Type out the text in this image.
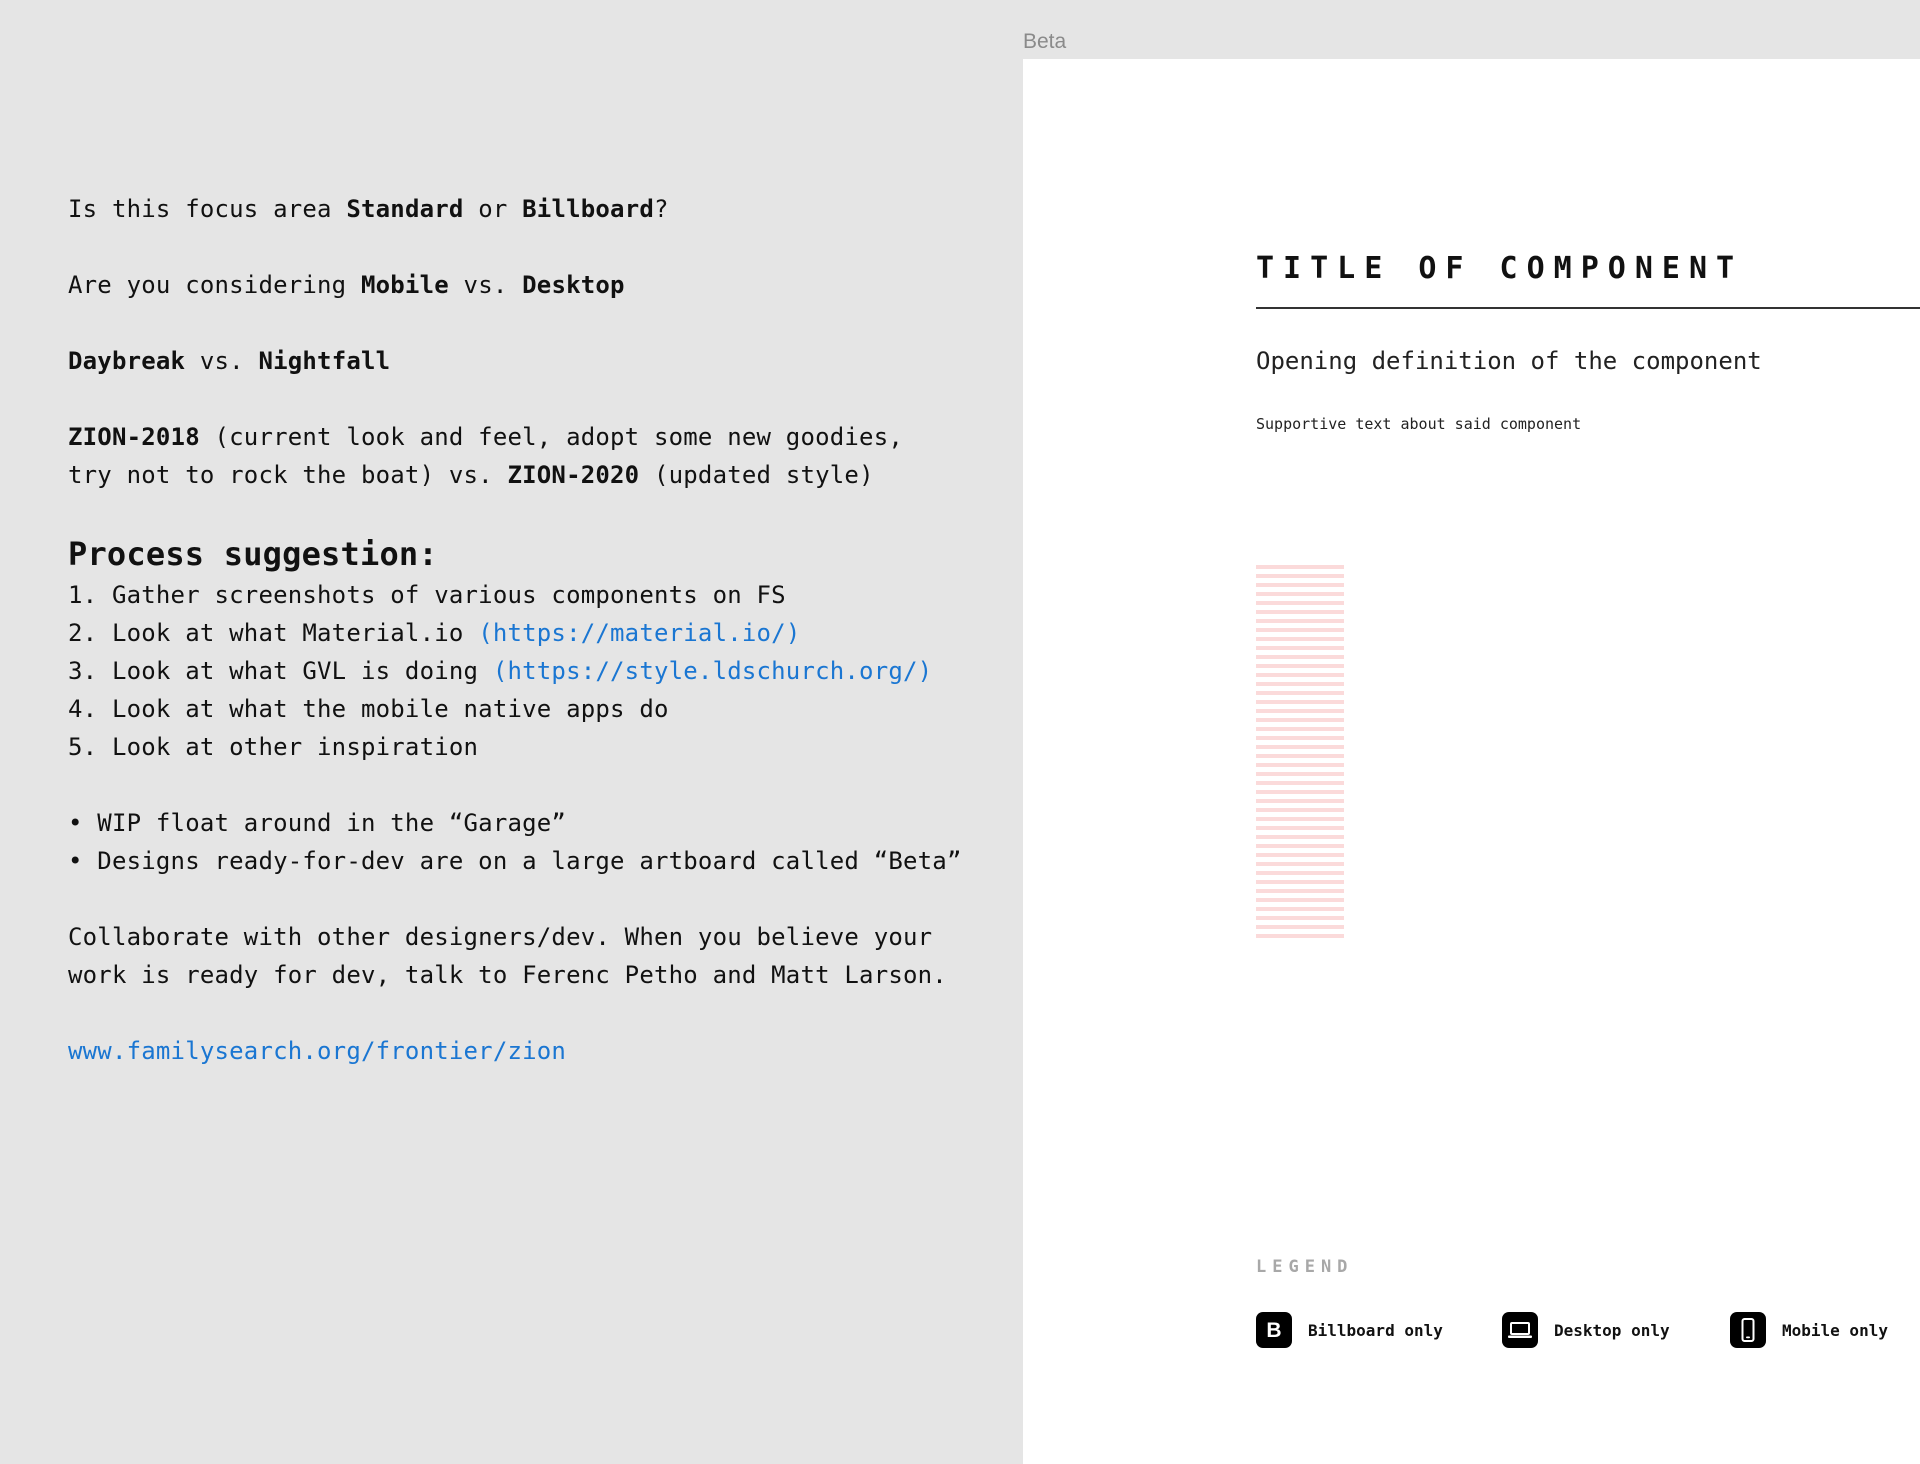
Is this focus area Standard or Billboard?

Are you considering Mobile vs. Desktop

Daybreak vs. Nightfall

ZION-2018 (current look and feel, adopt some new goodies, try not to rock the boat) vs. ZION-2020 (updated style)

Process suggestion:
1. Gather screenshots of various components on FS
2. Look at what Material.io (https://material.io/)
3. Look at what GVL is doing (https://style.ldschurch.org/)
4. Look at what the mobile native apps do
5. Look at other inspiration
• WIP float around in the “Garage”
• Designs ready-for-dev are on a large artboard called “Beta”

Collaborate with other designers/dev. When you believe your work is ready for dev, talk to Ferenc Petho and Matt Larson.

www.familysearch.org/frontier/zion

Beta
TITLE OF COMPONENT
Opening definition of the component
Supportive text about said component
LEGEND
B Billboard only	Desktop only	Mobile only
